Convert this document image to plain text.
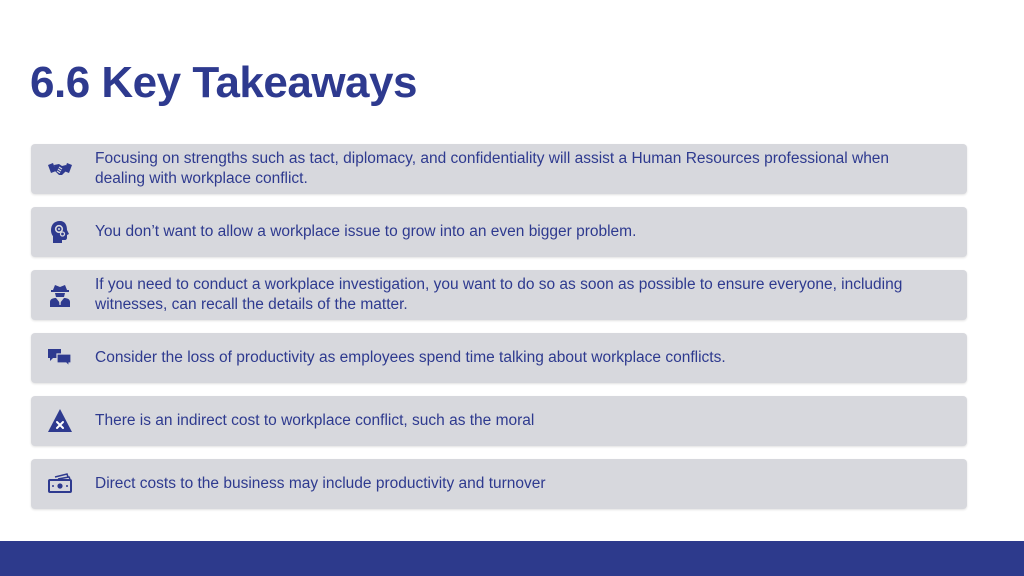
6.6 Key Takeaways
Focusing on strengths such as tact, diplomacy, and confidentiality will assist a Human Resources professional when dealing with workplace conflict.
You don’t want to allow a workplace issue to grow into an even bigger problem.
If you need to conduct a workplace investigation, you want to do so as soon as possible to ensure everyone, including witnesses, can recall the details of the matter.
Consider the loss of productivity as employees spend time talking about workplace conflicts.
There is an indirect cost to workplace conflict, such as the moral
Direct costs to the business may include productivity and turnover
